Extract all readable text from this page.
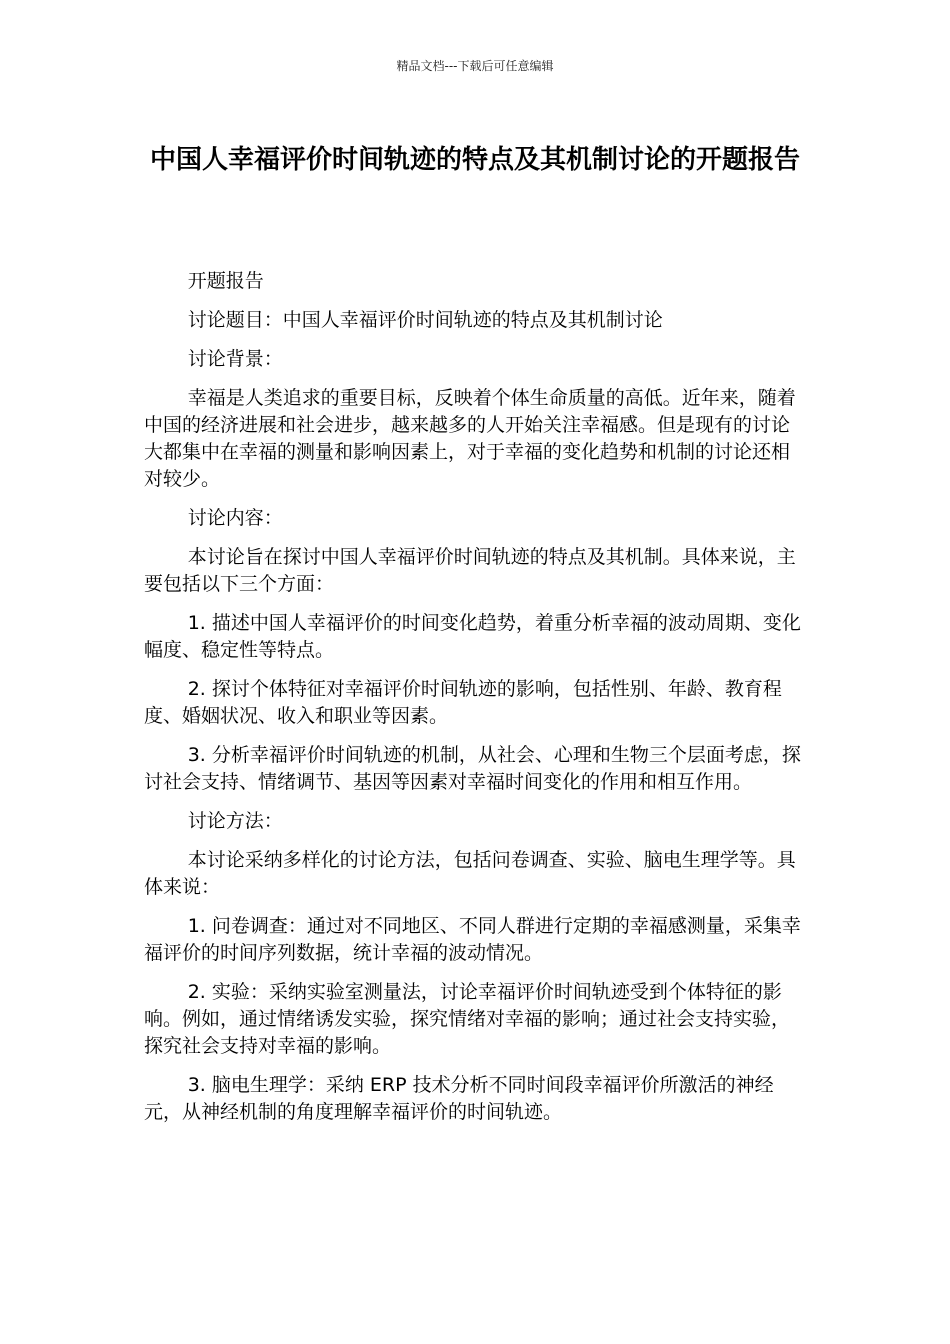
精品文档---下载后可任意编辑
中国人幸福评价时间轨迹的特点及其机制讨论的开题报告

开题报告

讨论题目：中国人幸福评价时间轨迹的特点及其机制讨论

讨论背景：

幸福是人类追求的重要目标，反映着个体生命质量的高低。近年来，随着中国的经济进展和社会进步，越来越多的人开始关注幸福感。但是现有的讨论大都集中在幸福的测量和影响因素上，对于幸福的变化趋势和机制的讨论还相对较少。

讨论内容：

本讨论旨在探讨中国人幸福评价时间轨迹的特点及其机制。具体来说，主要包括以下三个方面：

1. 描述中国人幸福评价的时间变化趋势，着重分析幸福的波动周期、变化幅度、稳定性等特点。

2. 探讨个体特征对幸福评价时间轨迹的影响，包括性别、年龄、教育程度、婚姻状况、收入和职业等因素。

3. 分析幸福评价时间轨迹的机制，从社会、心理和生物三个层面考虑，探讨社会支持、情绪调节、基因等因素对幸福时间变化的作用和相互作用。

讨论方法：

本讨论采纳多样化的讨论方法，包括问卷调查、实验、脑电生理学等。具体来说：

1. 问卷调查：通过对不同地区、不同人群进行定期的幸福感测量，采集幸福评价的时间序列数据，统计幸福的波动情况。

2. 实验：采纳实验室测量法，讨论幸福评价时间轨迹受到个体特征的影响。例如，通过情绪诱发实验，探究情绪对幸福的影响；通过社会支持实验，探究社会支持对幸福的影响。

3. 脑电生理学：采纳 ERP 技术分析不同时间段幸福评价所激活的神经元，从神经机制的角度理解幸福评价的时间轨迹。
